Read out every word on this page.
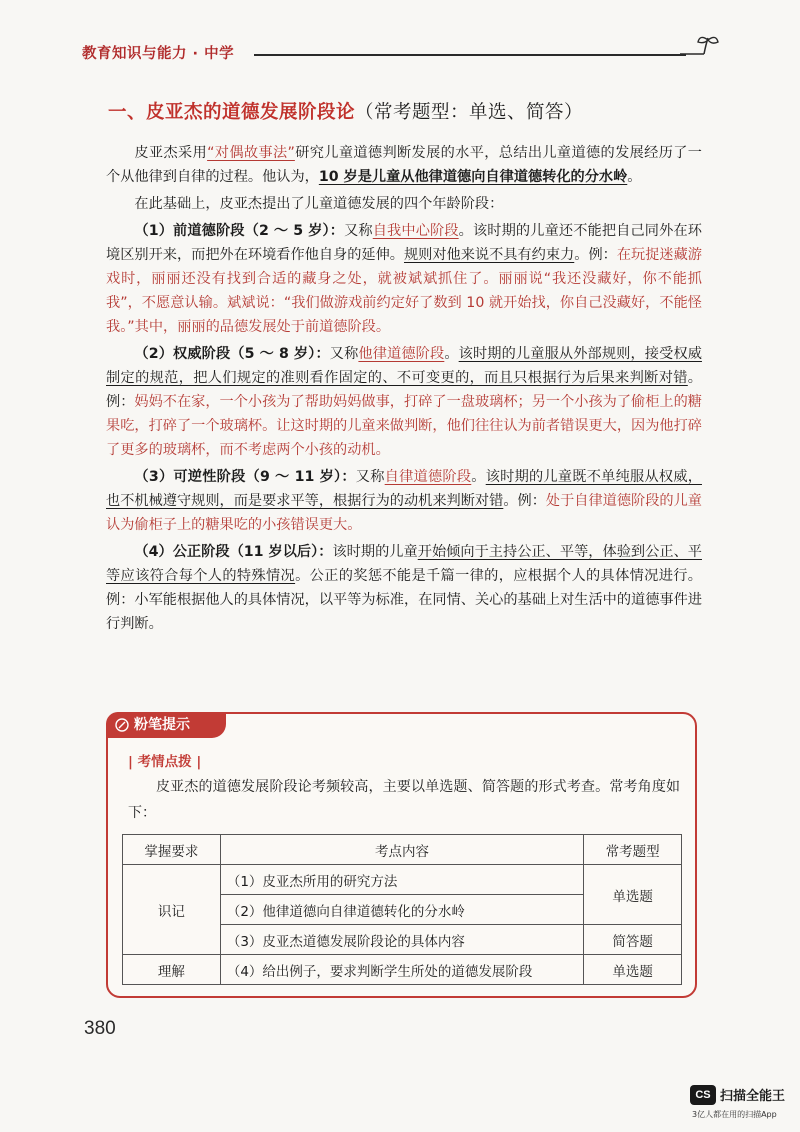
教育知识与能力 · 中学
一、皮亚杰的道德发展阶段论（常考题型：单选、简答）

皮亚杰采用“对偶故事法”研究儿童道德判断发展的水平，总结出儿童道德的发展经历了一个从他律到自律的过程。他认为，10 岁是儿童从他律道德向自律道德转化的分水岭。

在此基础上，皮亚杰提出了儿童道德发展的四个年龄阶段：

（1）前道德阶段（2 ～ 5 岁）：又称自我中心阶段。该时期的儿童还不能把自己同外在环境区别开来，而把外在环境看作他自身的延伸。规则对他来说不具有约束力。例：在玩捉迷藏游戏时，丽丽还没有找到合适的藏身之处，就被斌斌抓住了。丽丽说“我还没藏好，你不能抓我”，不愿意认输。斌斌说：“我们做游戏前约定好了数到 10 就开始找，你自己没藏好，不能怪我。”其中，丽丽的品德发展处于前道德阶段。

（2）权威阶段（5 ～ 8 岁）：又称他律道德阶段。该时期的儿童服从外部规则，接受权威制定的规范，把人们规定的准则看作固定的、不可变更的，而且只根据行为后果来判断对错。例：妈妈不在家，一个小孩为了帮助妈妈做事，打碎了一盘玻璃杯；另一个小孩为了偷柜上的糖果吃，打碎了一个玻璃杯。让这时期的儿童来做判断，他们往往认为前者错误更大，因为他打碎了更多的玻璃杯，而不考虑两个小孩的动机。

（3）可逆性阶段（9 ～ 11 岁）：又称自律道德阶段。该时期的儿童既不单纯服从权威，也不机械遵守规则，而是要求平等，根据行为的动机来判断对错。例：处于自律道德阶段的儿童认为偷柜子上的糖果吃的小孩错误更大。

（4）公正阶段（11 岁以后）：该时期的儿童开始倾向于主持公正、平等，体验到公正、平等应该符合每个人的特殊情况。公正的奖惩不能是千篇一律的，应根据个人的具体情况进行。例：小军能根据他人的具体情况，以平等为标准，在同情、关心的基础上对生活中的道德事件进行判断。

粉笔提示
| 考情点拨 |
皮亚杰的道德发展阶段论考频较高，主要以单选题、简答题的形式考查。常考角度如下：
掌握要求	考点内容	常考题型
识记	（1）皮亚杰所用的研究方法	单选题
	（2）他律道德向自律道德转化的分水岭	
	（3）皮亚杰道德发展阶段论的具体内容	简答题
理解	（4）给出例子，要求判断学生所处的道德发展阶段	单选题
380
CS 扫描全能王
3亿人都在用的扫描App
